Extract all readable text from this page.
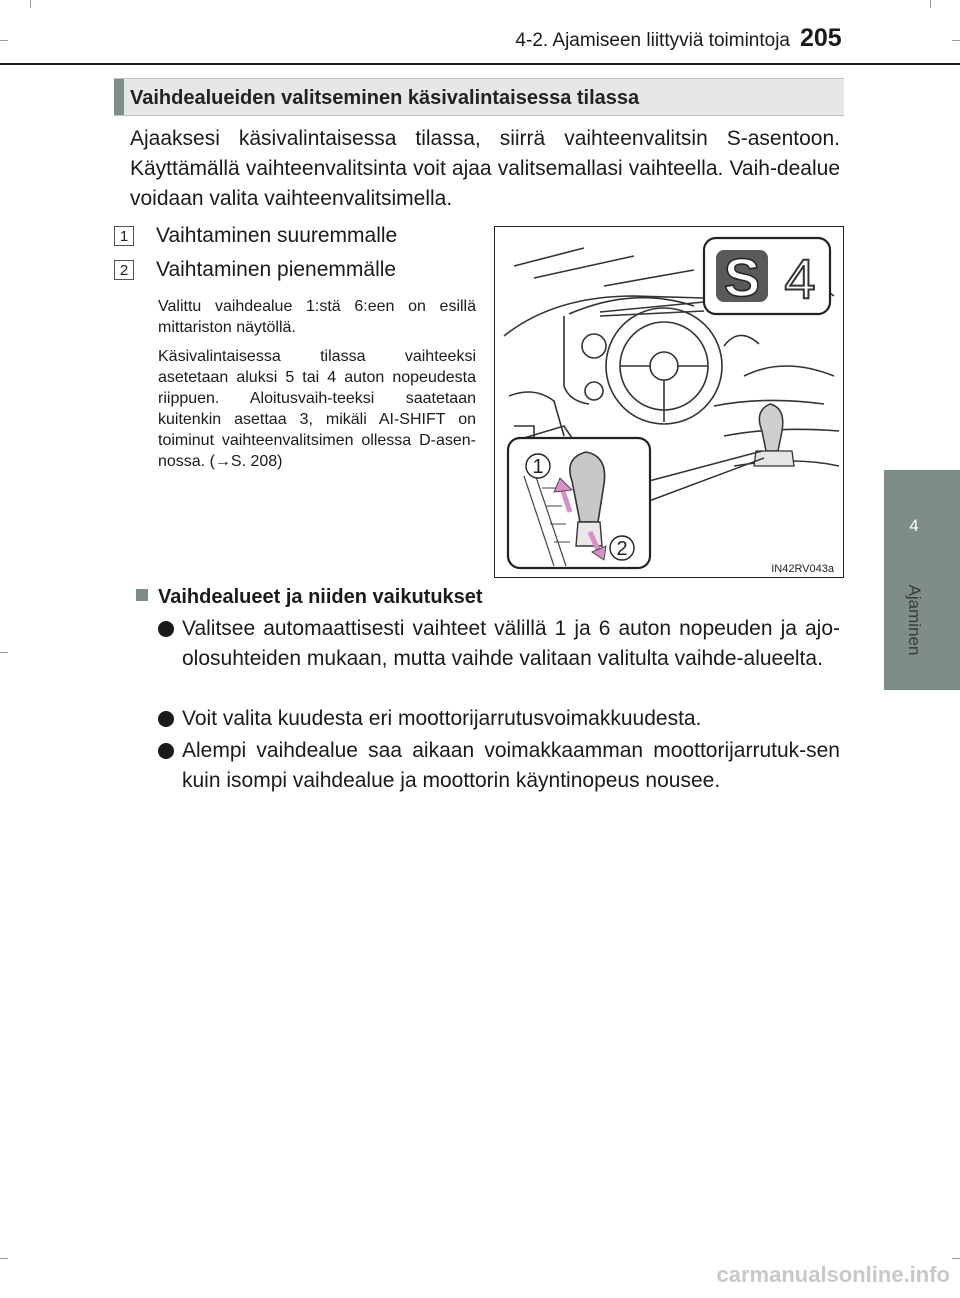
4-2. Ajamiseen liittyviä toimintoja 205
4
Ajaminen
Vaihdealueiden valitseminen käsivalintaisessa tilassa
Ajaaksesi käsivalintaisessa tilassa, siirrä vaihteenvalitsin S-asentoon. Käyttämällä vaihteenvalitsinta voit ajaa valitsemallasi vaihteella. Vaih-dealue voidaan valita vaihteenvalitsimella.
1 Vaihtaminen suuremmalle
2 Vaihtaminen pienemmälle
Valittu vaihdealue 1:stä 6:een on esillä mittariston näytöllä.
Käsivalintaisessa tilassa vaihteeksi asetetaan aluksi 5 tai 4 auton nopeudesta riippuen. Aloitusvaih-teeksi saatetaan kuitenkin asettaa 3, mikäli AI-SHIFT on toiminut vaihteenvalitsimen ollessa D-asen-nossa. (→S. 208)
S 4
1
2
IN42RV043a
Vaihdealueet ja niiden vaikutukset
Valitsee automaattisesti vaihteet välillä 1 ja 6 auton nopeuden ja ajo-olosuhteiden mukaan, mutta vaihde valitaan valitulta vaihde-alueelta.
Voit valita kuudesta eri moottorijarrutusvoimakkuudesta.
Alempi vaihdealue saa aikaan voimakkaamman moottorijarrutuk-sen kuin isompi vaihdealue ja moottorin käyntinopeus nousee.
carmanualsonline.info
